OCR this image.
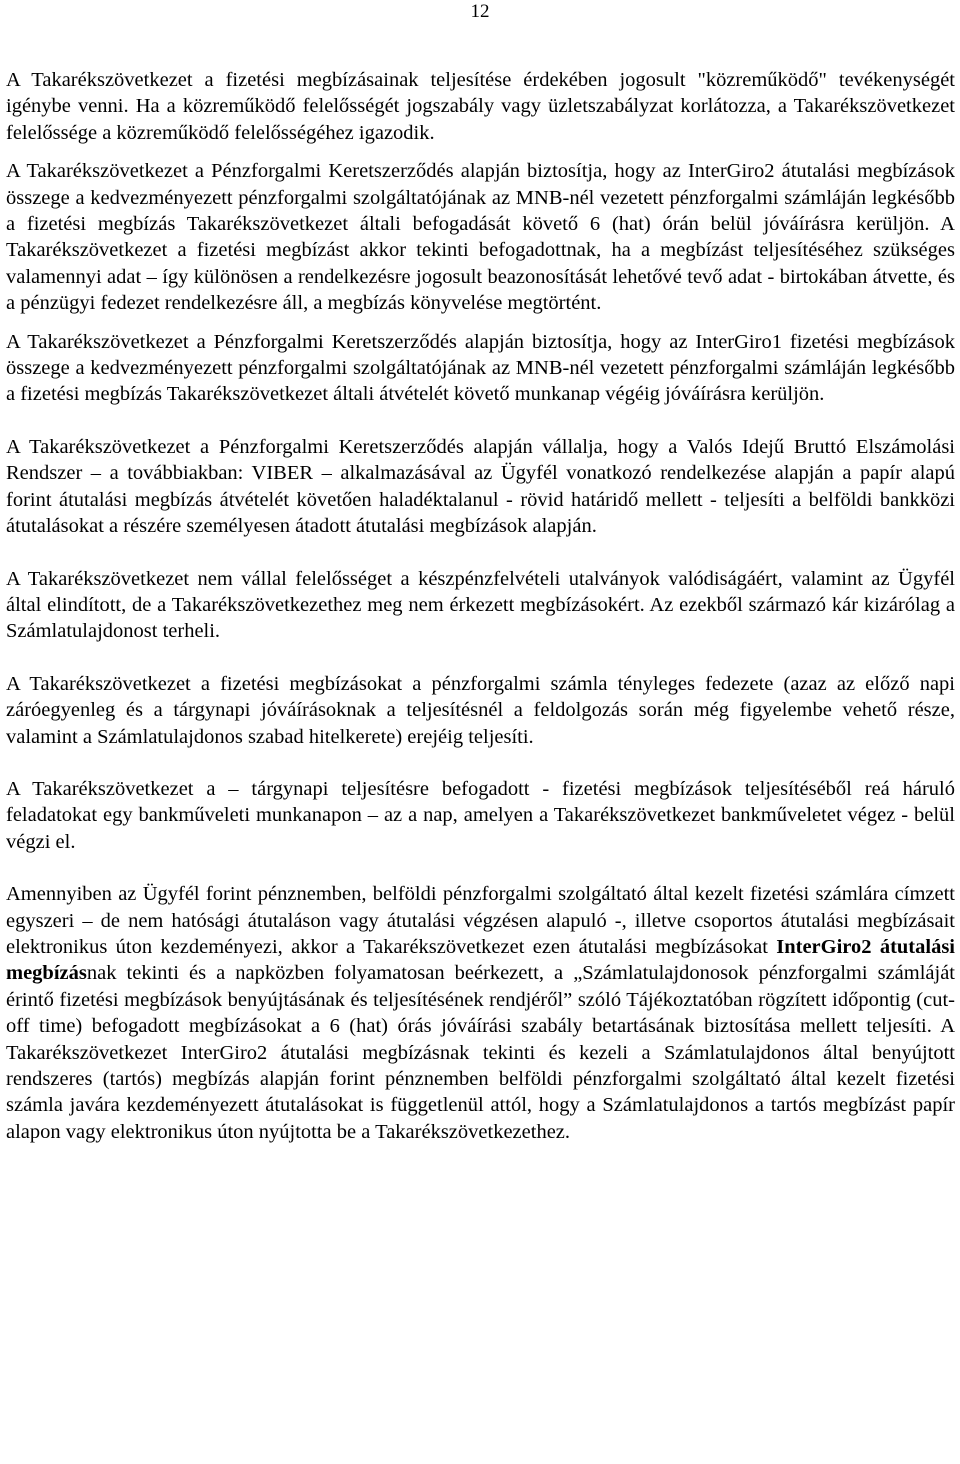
12

A Takarékszövetkezet a fizetési megbízásainak teljesítése érdekében jogosult "közreműködő" tevékenységét igénybe venni. Ha a közreműködő felelősségét jogszabály vagy üzletszabályzat korlátozza, a Takarékszövetkezet felelőssége a közreműködő felelősségéhez igazodik.

A Takarékszövetkezet a Pénzforgalmi Keretszerződés alapján biztosítja, hogy az InterGiro2 átutalási megbízások összege a kedvezményezett pénzforgalmi szolgáltatójának az MNB-nél vezetett pénzforgalmi számláján legkésőbb a fizetési megbízás Takarékszövetkezet általi befogadását követő 6 (hat) órán belül jóváírásra kerüljön. A Takarékszövetkezet a fizetési megbízást akkor tekinti befogadottnak, ha a megbízást teljesítéséhez szükséges valamennyi adat – így különösen a rendelkezésre jogosult beazonosítását lehetővé tevő adat - birtokában átvette, és a pénzügyi fedezet rendelkezésre áll, a megbízás könyvelése megtörtént.

A Takarékszövetkezet a Pénzforgalmi Keretszerződés alapján biztosítja, hogy az InterGiro1 fizetési megbízások összege a kedvezményezett pénzforgalmi szolgáltatójának az MNB-nél vezetett pénzforgalmi számláján legkésőbb a fizetési megbízás Takarékszövetkezet általi átvételét követő munkanap végéig jóváírásra kerüljön.

A Takarékszövetkezet a Pénzforgalmi Keretszerződés alapján vállalja, hogy a Valós Idejű Bruttó Elszámolási Rendszer – a továbbiakban: VIBER – alkalmazásával az Ügyfél vonatkozó rendelkezése alapján a papír alapú forint átutalási megbízás átvételét követően haladéktalanul - rövid határidő mellett - teljesíti a belföldi bankközi átutalásokat a részére személyesen átadott átutalási megbízások alapján.

A Takarékszövetkezet nem vállal felelősséget a készpénzfelvételi utalványok valódiságáért, valamint az Ügyfél által elindított, de a Takarékszövetkezethez meg nem érkezett megbízásokért. Az ezekből származó kár kizárólag a Számlatulajdonost terheli.

A Takarékszövetkezet a fizetési megbízásokat a pénzforgalmi számla tényleges fedezete (azaz az előző napi záróegyenleg és a tárgynapi jóváírásoknak a teljesítésnél a feldolgozás során még figyelembe vehető része, valamint a Számlatulajdonos szabad hitelkerete) erejéig teljesíti.

A Takarékszövetkezet a – tárgynapi teljesítésre befogadott - fizetési megbízások teljesítéséből reá háruló feladatokat egy bankműveleti munkanapon – az a nap, amelyen a Takarékszövetkezet bankműveletet végez - belül végzi el.

Amennyiben az Ügyfél forint pénznemben, belföldi pénzforgalmi szolgáltató által kezelt fizetési számlára címzett egyszeri – de nem hatósági átutaláson vagy átutalási végzésen alapuló -, illetve csoportos átutalási megbízásait elektronikus úton kezdeményezi, akkor a Takarékszövetkezet ezen átutalási megbízásokat InterGiro2 átutalási megbízásnak tekinti és a napközben folyamatosan beérkezett, a „Számlatulajdonosok pénzforgalmi számláját érintő fizetési megbízások benyújtásának és teljesítésének rendjéről” szóló Tájékoztatóban rögzített időpontig (cut-off time) befogadott megbízásokat a 6 (hat) órás jóváírási szabály betartásának biztosítása mellett teljesíti. A Takarékszövetkezet InterGiro2 átutalási megbízásnak tekinti és kezeli a Számlatulajdonos által benyújtott rendszeres (tartós) megbízás alapján forint pénznemben belföldi pénzforgalmi szolgáltató által kezelt fizetési számla javára kezdeményezett átutalásokat is függetlenül attól, hogy a Számlatulajdonos a tartós megbízást papír alapon vagy elektronikus úton nyújtotta be a Takarékszövetkezethez.
